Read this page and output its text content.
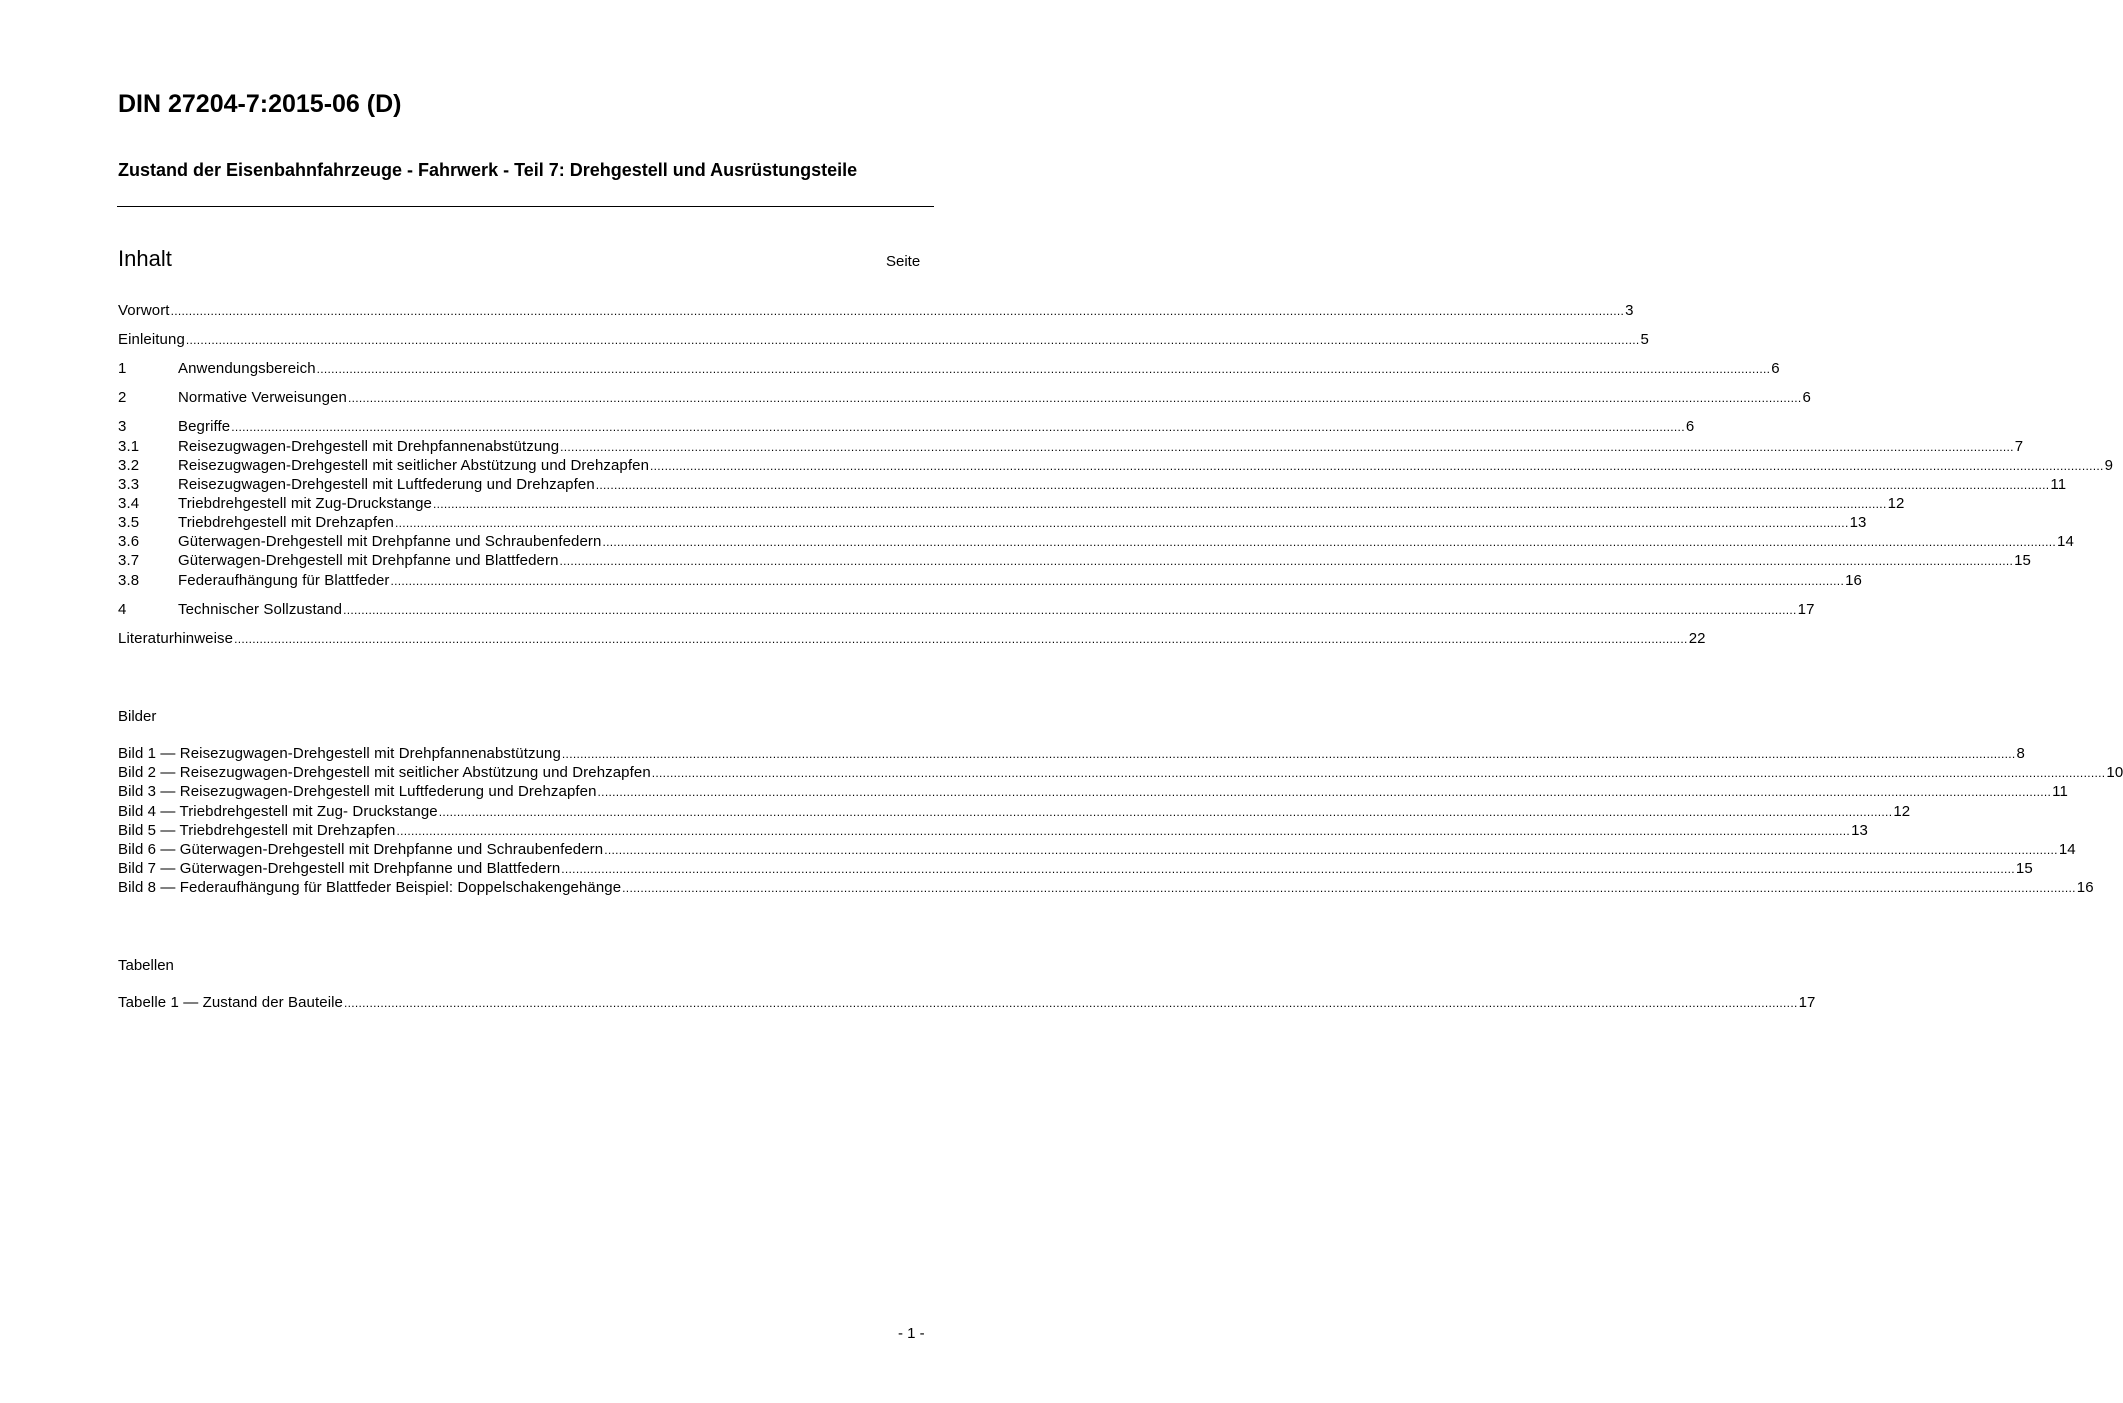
DIN 27204-7:2015-06 (D)
Zustand der Eisenbahnfahrzeuge - Fahrwerk - Teil 7: Drehgestell und Ausrüstungsteile
Inhalt	Seite
Vorwort ................................................................................................................................................................................................................................................................................................................................................................................................................ 3
Einleitung ................................................................................................................................................................................................................................................................................................................................................................................................................ 5
1	Anwendungsbereich ................................................................................................................................................................................................................................................................................................................................................................................................................ 6
2	Normative Verweisungen ................................................................................................................................................................................................................................................................................................................................................................................................................ 6
3	Begriffe ................................................................................................................................................................................................................................................................................................................................................................................................................ 6
3.1	Reisezugwagen-Drehgestell mit Drehpfannenabstützung ................................................................................................................................................................................................................................................................................................................................................................................................................ 7
3.2	Reisezugwagen-Drehgestell mit seitlicher Abstützung und Drehzapfen ................................................................................................................................................................................................................................................................................................................................................................................................................ 9
3.3	Reisezugwagen-Drehgestell mit Luftfederung und Drehzapfen ................................................................................................................................................................................................................................................................................................................................................................................................................ 11
3.4	Triebdrehgestell mit Zug-Druckstange ................................................................................................................................................................................................................................................................................................................................................................................................................ 12
3.5	Triebdrehgestell mit Drehzapfen ................................................................................................................................................................................................................................................................................................................................................................................................................ 13
3.6	Güterwagen-Drehgestell mit Drehpfanne und Schraubenfedern ................................................................................................................................................................................................................................................................................................................................................................................................................ 14
3.7	Güterwagen-Drehgestell mit Drehpfanne und Blattfedern ................................................................................................................................................................................................................................................................................................................................................................................................................ 15
3.8	Federaufhängung für Blattfeder ................................................................................................................................................................................................................................................................................................................................................................................................................ 16
4	Technischer Sollzustand ................................................................................................................................................................................................................................................................................................................................................................................................................ 17
Literaturhinweise ................................................................................................................................................................................................................................................................................................................................................................................................................ 22
Bilder
Bild 1 — Reisezugwagen-Drehgestell mit Drehpfannenabstützung ................................................................................................................................................................................................................................................................................................................................................................................................................ 8
Bild 2 — Reisezugwagen-Drehgestell mit seitlicher Abstützung und Drehzapfen ................................................................................................................................................................................................................................................................................................................................................................................................................ 10
Bild 3 — Reisezugwagen-Drehgestell mit Luftfederung und Drehzapfen ................................................................................................................................................................................................................................................................................................................................................................................................................ 11
Bild 4 — Triebdrehgestell mit Zug- Druckstange ................................................................................................................................................................................................................................................................................................................................................................................................................ 12
Bild 5 — Triebdrehgestell mit Drehzapfen ................................................................................................................................................................................................................................................................................................................................................................................................................ 13
Bild 6 — Güterwagen-Drehgestell mit Drehpfanne und Schraubenfedern ................................................................................................................................................................................................................................................................................................................................................................................................................ 14
Bild 7 — Güterwagen-Drehgestell mit Drehpfanne und Blattfedern ................................................................................................................................................................................................................................................................................................................................................................................................................ 15
Bild 8 — Federaufhängung für Blattfeder Beispiel: Doppelschakengehänge ................................................................................................................................................................................................................................................................................................................................................................................................................ 16
Tabellen
Tabelle 1 — Zustand der Bauteile ................................................................................................................................................................................................................................................................................................................................................................................................................ 17
- 1 -
